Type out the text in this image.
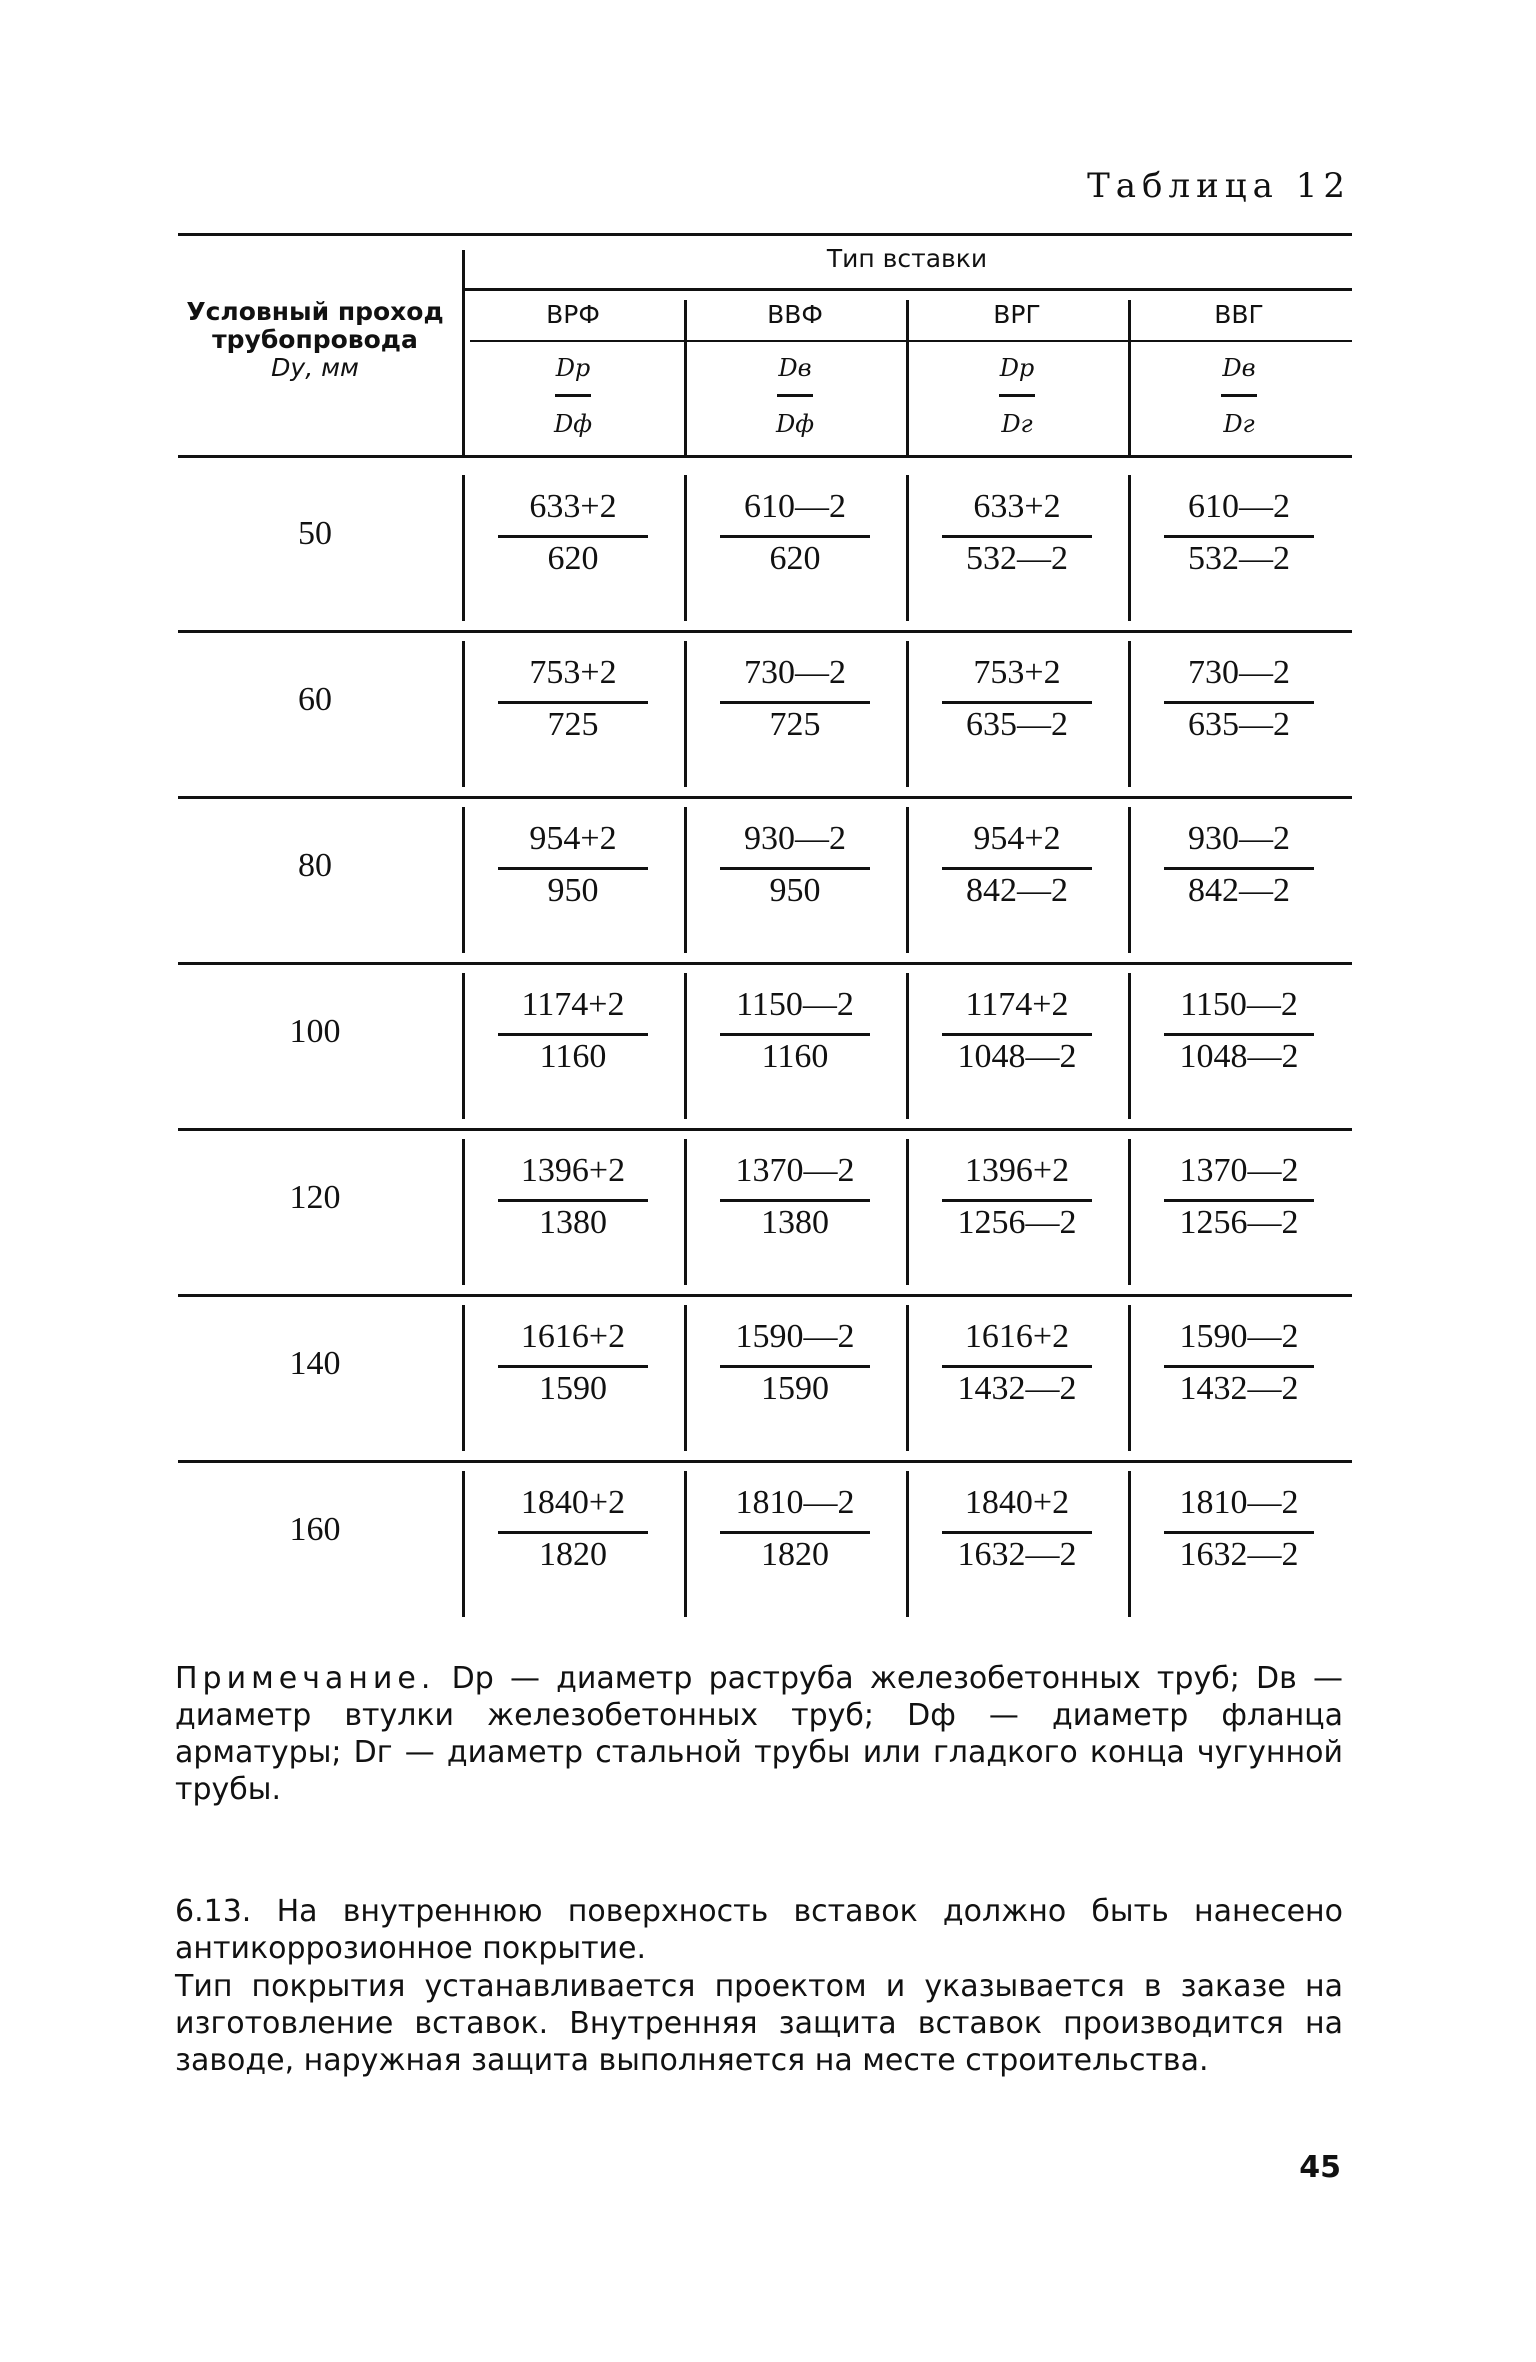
Таблица 12
Условный проход
трубопровода
Dу, мм
Тип вставки
ВРФ
Dр
Dф
ВВФ
Dв
Dф
ВРГ
Dр
Dг
ВВГ
Dв
Dг
50
633+2
620
610—2
620
633+2
532—2
610—2
532—2
60
753+2
725
730—2
725
753+2
635—2
730—2
635—2
80
954+2
950
930—2
950
954+2
842—2
930—2
842—2
100
1174+2
1160
1150—2
1160
1174+2
1048—2
1150—2
1048—2
120
1396+2
1380
1370—2
1380
1396+2
1256—2
1370—2
1256—2
140
1616+2
1590
1590—2
1590
1616+2
1432—2
1590—2
1432—2
160
1840+2
1820
1810—2
1820
1840+2
1632—2
1810—2
1632—2
Примечание. Dр — диаметр раструба железобетонных труб; Dв — диаметр втулки железобетонных труб; Dф — диаметр фланца арматуры; Dг — диаметр стальной трубы или гладкого конца чугунной трубы.
6.13. На внутреннюю поверхность вставок должно быть нанесено антикоррозионное покрытие.
Тип покрытия устанавливается проектом и указывается в заказе на изготовление вставок. Внутренняя защита вставок производится на заводе, наружная защита выполняется на месте строительства.
45
